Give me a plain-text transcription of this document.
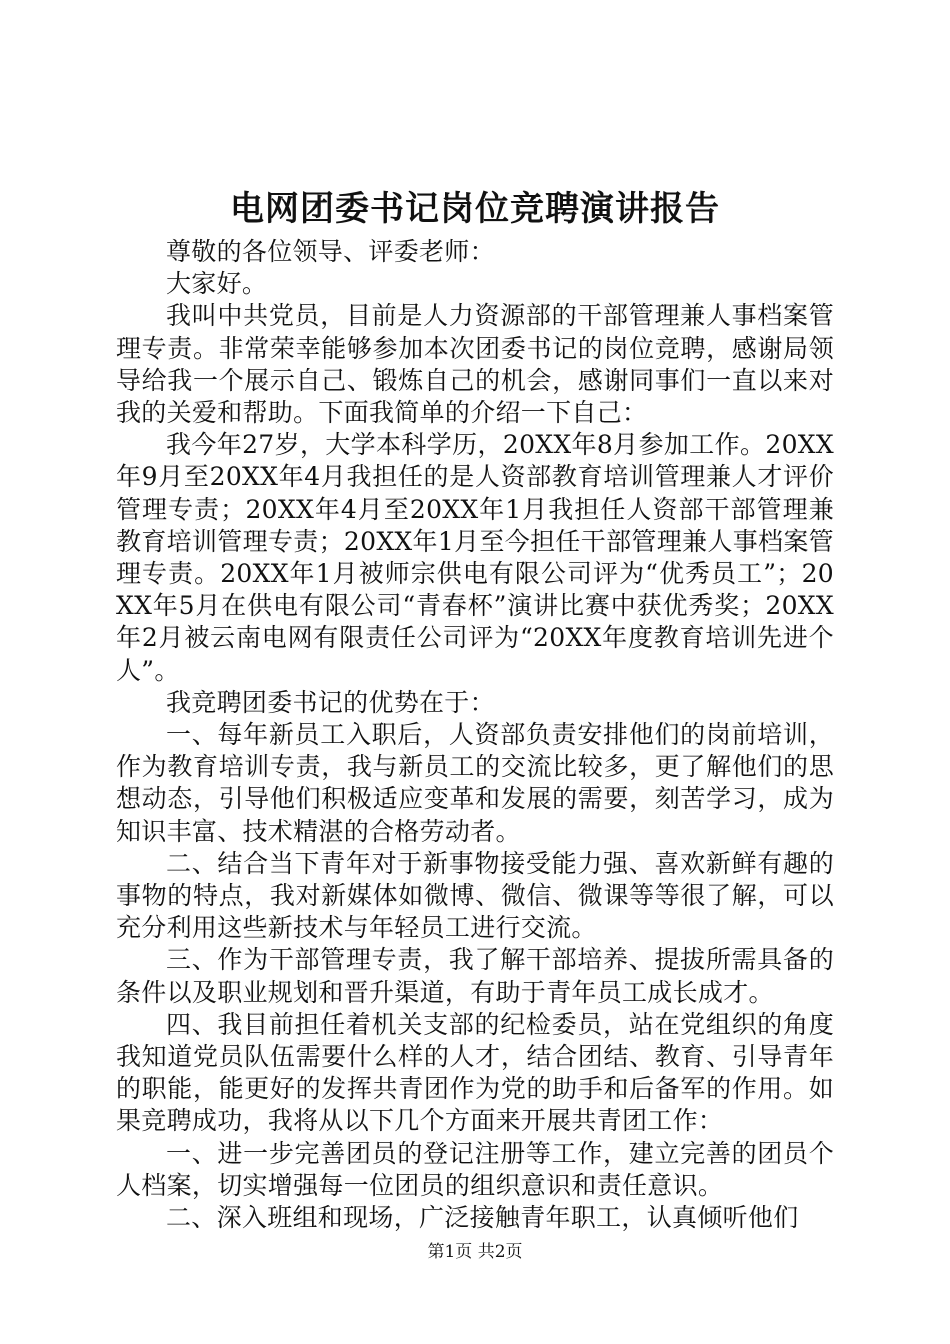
电网团委书记岗位竞聘演讲报告

尊敬的各位领导、评委老师：

大家好。

我叫中共党员，目前是人力资源部的干部管理兼人事档案管理专责。非常荣幸能够参加本次团委书记的岗位竞聘，感谢局领导给我一个展示自己、锻炼自己的机会，感谢同事们一直以来对我的关爱和帮助。下面我简单的介绍一下自己：

我今年27岁，大学本科学历，20XX年8月参加工作。20XX年9月至20XX年4月我担任的是人资部教育培训管理兼人才评价管理专责；20XX年4月至20XX年1月我担任人资部干部管理兼教育培训管理专责；20XX年1月至今担任干部管理兼人事档案管理专责。20XX年1月被师宗供电有限公司评为“优秀员工”；20XX年5月在供电有限公司“青春杯”演讲比赛中获优秀奖；20XX年2月被云南电网有限责任公司评为“20XX年度教育培训先进个人”。

我竞聘团委书记的优势在于：

一、每年新员工入职后，人资部负责安排他们的岗前培训，作为教育培训专责，我与新员工的交流比较多，更了解他们的思想动态，引导他们积极适应变革和发展的需要，刻苦学习，成为知识丰富、技术精湛的合格劳动者。

二、结合当下青年对于新事物接受能力强、喜欢新鲜有趣的事物的特点，我对新媒体如微博、微信、微课等等很了解，可以充分利用这些新技术与年轻员工进行交流。

三、作为干部管理专责，我了解干部培养、提拔所需具备的条件以及职业规划和晋升渠道，有助于青年员工成长成才。

四、我目前担任着机关支部的纪检委员，站在党组织的角度我知道党员队伍需要什么样的人才，结合团结、教育、引导青年的职能，能更好的发挥共青团作为党的助手和后备军的作用。如果竞聘成功，我将从以下几个方面来开展共青团工作：

一、进一步完善团员的登记注册等工作，建立完善的团员个人档案，切实增强每一位团员的组织意识和责任意识。

二、深入班组和现场，广泛接触青年职工，认真倾听他们

第1页 共2页
